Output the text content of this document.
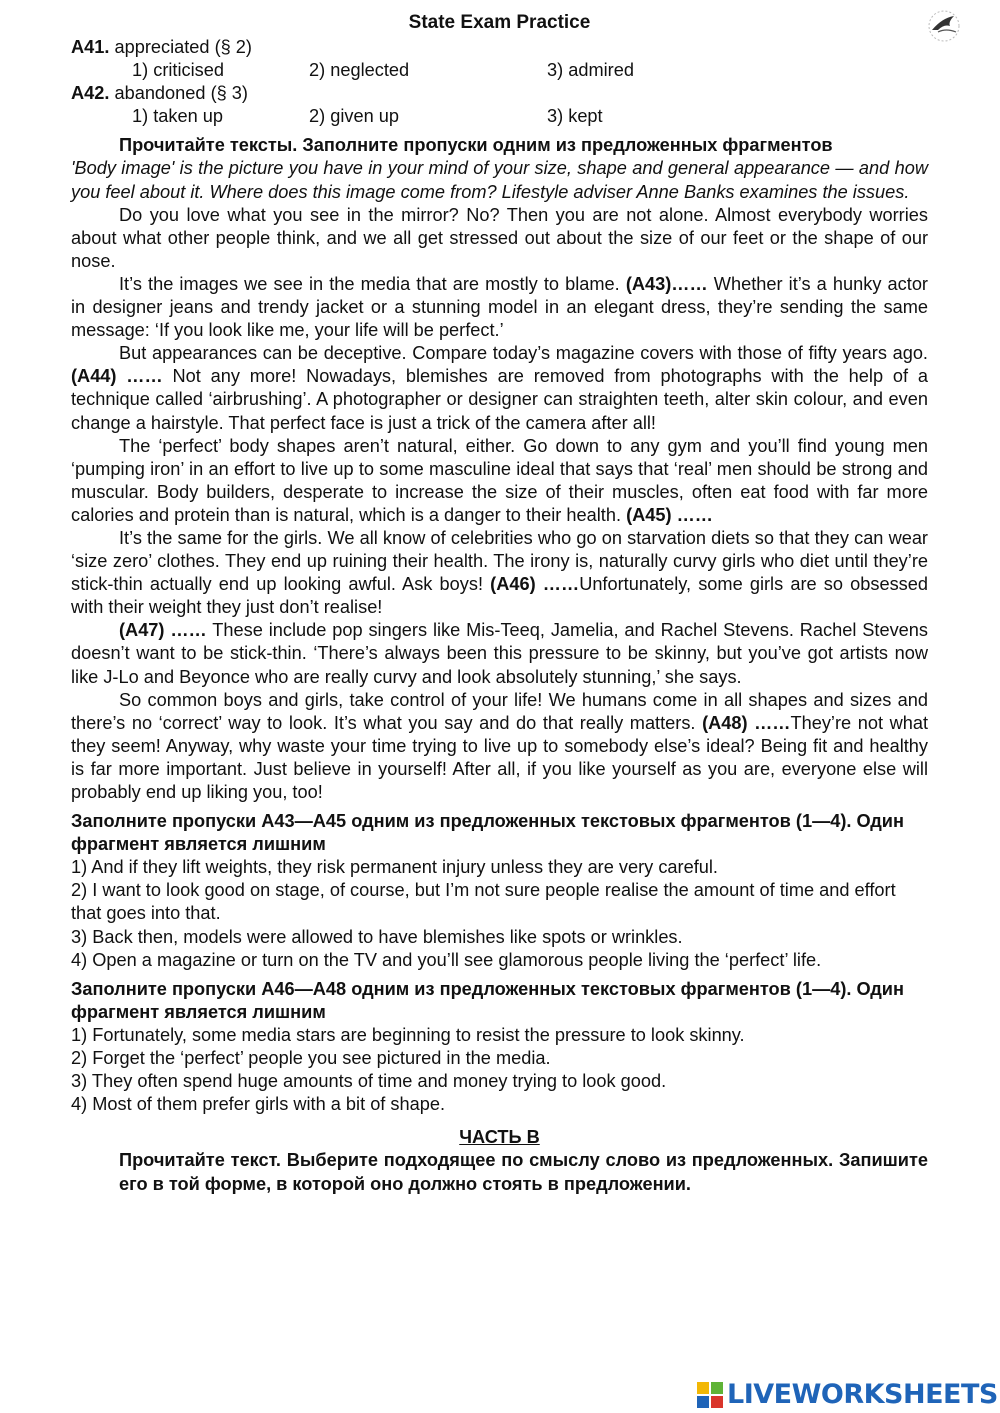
State Exam Practice

A41. appreciated (§ 2)

1) criticised	2) neglected	3) admired

A42. abandoned (§ 3)

1) taken up	2) given up	3) kept

Прочитайте тексты. Заполните пропуски одним из предложенных фрагментов

'Body image' is the picture you have in your mind of your size, shape and general appearance — and how you feel about it. Where does this image come from? Lifestyle adviser Anne Banks examines the issues.

Do you love what you see in the mirror? No? Then you are not alone. Almost everybody worries about what other people think, and we all get stressed out about the size of our feet or the shape of our nose.

It’s the images we see in the media that are mostly to blame. (A43)…… Whether it’s a hunky actor in designer jeans and trendy jacket or a stunning model in an elegant dress, they’re sending the same message: ‘If you look like me, your life will be perfect.’

But appearances can be deceptive. Compare today’s magazine covers with those of fifty years ago. (A44) …… Not any more! Nowadays, blemishes are removed from photographs with the help of a technique called ‘airbrushing’. A photographer or designer can straighten teeth, alter skin colour, and even change a hairstyle. That perfect face is just a trick of the camera after all!

The ‘perfect’ body shapes aren’t natural, either. Go down to any gym and you’ll find young men ‘pumping iron’ in an effort to live up to some masculine ideal that says that ‘real’ men should be strong and muscular. Body builders, desperate to increase the size of their muscles, often eat food with far more calories and protein than is natural, which is a danger to their health. (A45) ……

It’s the same for the girls. We all know of celebrities who go on starvation diets so that they can wear ‘size zero’ clothes. They end up ruining their health. The irony is, naturally curvy girls who diet until they’re stick-thin actually end up looking awful. Ask boys! (A46) ……Unfortunately, some girls are so obsessed with their weight they just don’t realise!

(A47) …… These include pop singers like Mis-Teeq, Jamelia, and Rachel Stevens. Rachel Stevens doesn’t want to be stick-thin. ‘There’s always been this pressure to be skinny, but you’ve got artists now like J-Lo and Beyonce who are really curvy and look absolutely stunning,’ she says.

So common boys and girls, take control of your life! We humans come in all shapes and sizes and there’s no ‘correct’ way to look. It’s what you say and do that really matters. (A48) ……They’re not what they seem! Anyway, why waste your time trying to live up to somebody else’s ideal? Being fit and healthy is far more important. Just believe in yourself! After all, if you like yourself as you are, everyone else will probably end up liking you, too!

Заполните пропуски A43—A45 одним из предложенных текстовых фрагментов (1—4). Один фрагмент является лишним

1) And if they lift weights, they risk permanent injury unless they are very careful.

2) I want to look good on stage, of course, but I’m not sure people realise the amount of time and effort that goes into that.

3) Back then, models were allowed to have blemishes like spots or wrinkles.

4) Open a magazine or turn on the TV and you’ll see glamorous people living the ‘perfect’ life.

Заполните пропуски A46—A48 одним из предложенных текстовых фрагментов (1—4). Один фрагмент является лишним

1) Fortunately, some media stars are beginning to resist the pressure to look skinny.

2) Forget the ‘perfect’ people you see pictured in the media.

3) They often spend huge amounts of time and money trying to look good.

4) Most of them prefer girls with a bit of shape.

ЧАСТЬ В

Прочитайте текст. Выберите подходящее по смыслу слово из предложенных. Запишите его в той форме, в которой оно должно стоять в предложении.

LIVEWORKSHEETS
